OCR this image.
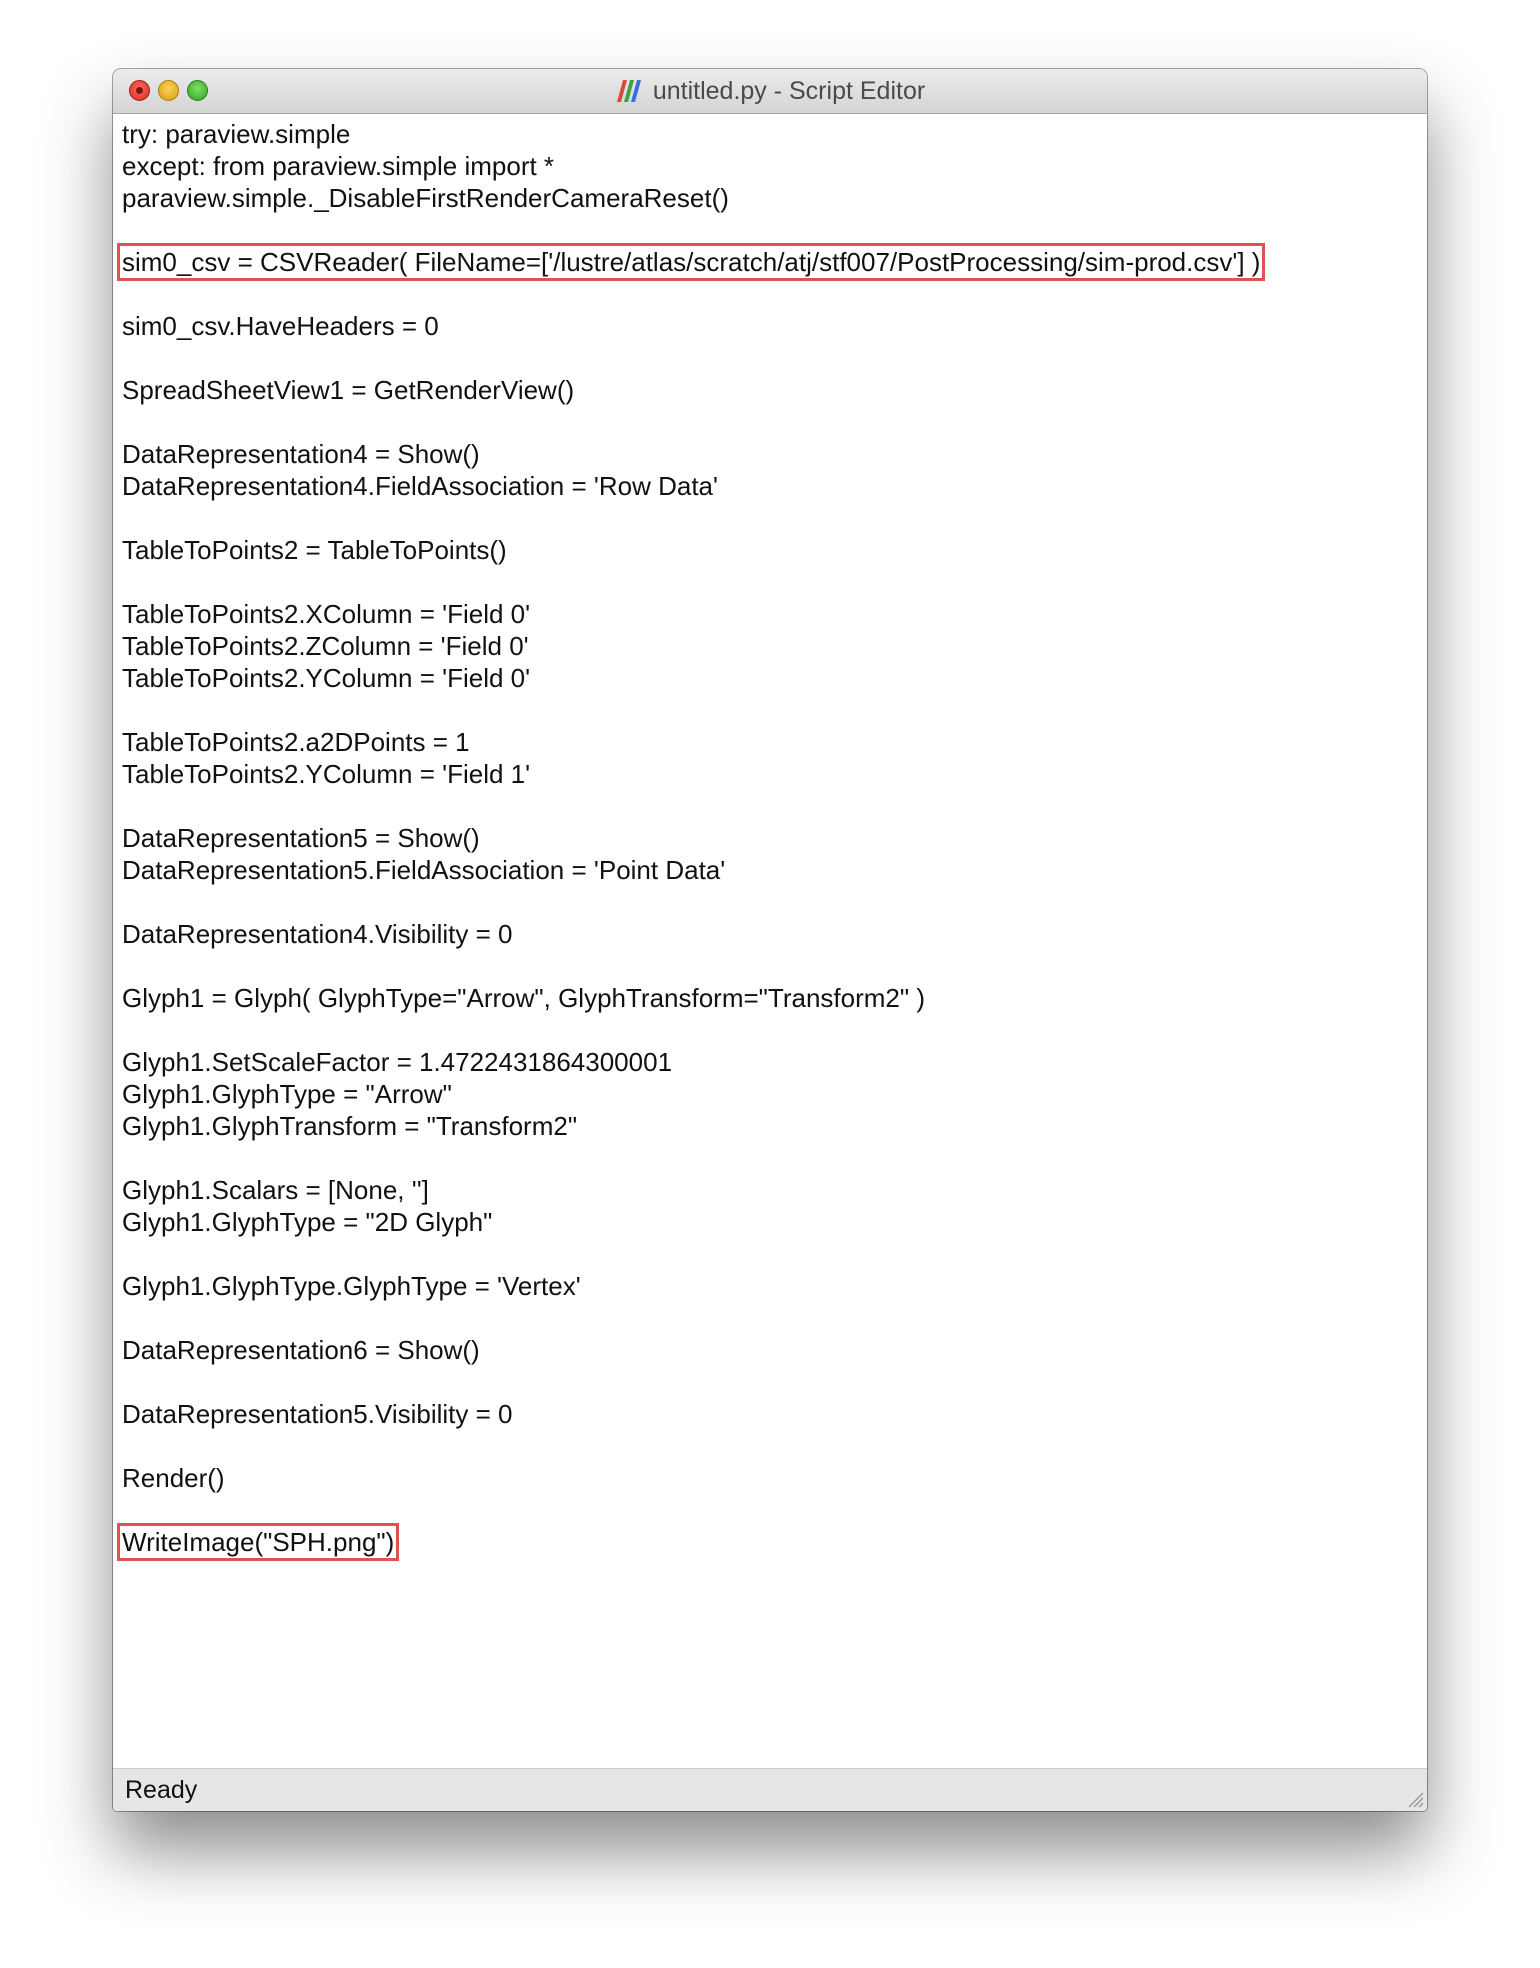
untitled.py - Script Editor
try: paraview.simple
except: from paraview.simple import *
paraview.simple._DisableFirstRenderCameraReset()
sim0_csv = CSVReader( FileName=['/lustre/atlas/scratch/atj/stf007/PostProcessing/sim-prod.csv'] )
sim0_csv.HaveHeaders = 0
SpreadSheetView1 = GetRenderView()
DataRepresentation4 = Show()
DataRepresentation4.FieldAssociation = 'Row Data'
TableToPoints2 = TableToPoints()
TableToPoints2.XColumn = 'Field 0'
TableToPoints2.ZColumn = 'Field 0'
TableToPoints2.YColumn = 'Field 0'
TableToPoints2.a2DPoints = 1
TableToPoints2.YColumn = 'Field 1'
DataRepresentation5 = Show()
DataRepresentation5.FieldAssociation = 'Point Data'
DataRepresentation4.Visibility = 0
Glyph1 = Glyph( GlyphType="Arrow", GlyphTransform="Transform2" )
Glyph1.SetScaleFactor = 1.4722431864300001
Glyph1.GlyphType = "Arrow"
Glyph1.GlyphTransform = "Transform2"
Glyph1.Scalars = [None, '']
Glyph1.GlyphType = "2D Glyph"
Glyph1.GlyphType.GlyphType = 'Vertex'
DataRepresentation6 = Show()
DataRepresentation5.Visibility = 0
Render()
WriteImage("SPH.png")
Ready
